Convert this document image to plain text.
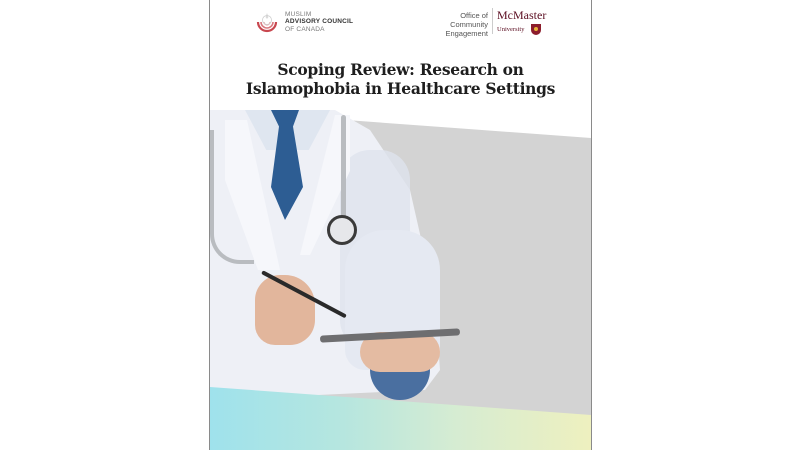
MUSLIM
ADVISORY COUNCIL
OF CANADA
Office of
Community Engagement
McMaster
University
Scoping Review: Research on
Islamophobia in Healthcare Settings
